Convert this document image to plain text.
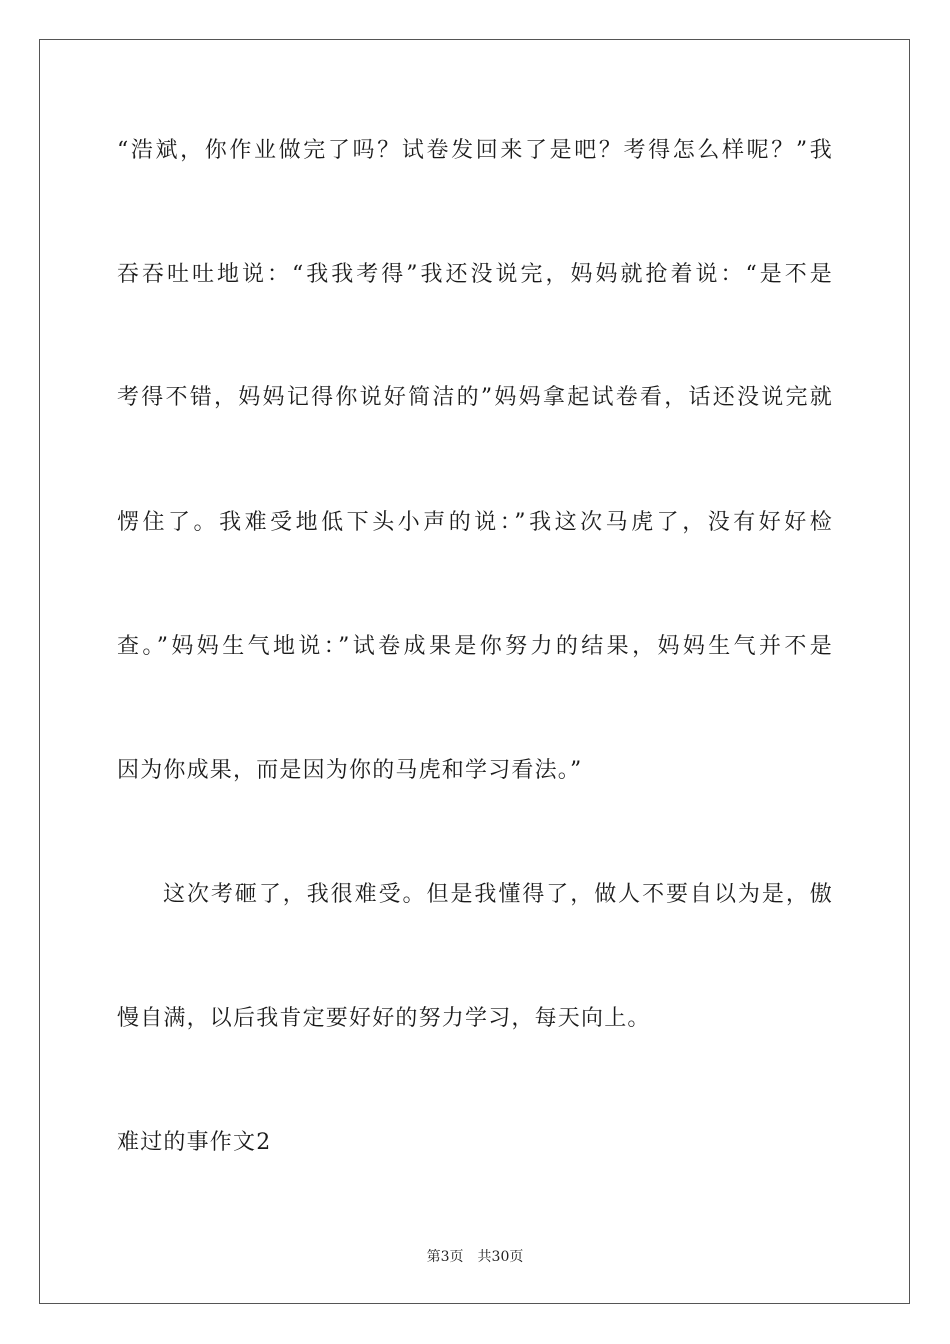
“浩斌，你作业做完了吗？试卷发回来了是吧？考得怎么样呢？”我
吞吞吐吐地说：“我我考得”我还没说完，妈妈就抢着说：“是不是
考得不错，妈妈记得你说好简洁的”妈妈拿起试卷看，话还没说完就
愣住了。我难受地低下头小声的说：”我这次马虎了，没有好好检
查。”妈妈生气地说：”试卷成果是你努力的结果，妈妈生气并不是
因为你成果，而是因为你的马虎和学习看法。”
这次考砸了，我很难受。但是我懂得了，做人不要自以为是，傲
慢自满，以后我肯定要好好的努力学习，每天向上。
难过的事作文2
第3页 共30页
